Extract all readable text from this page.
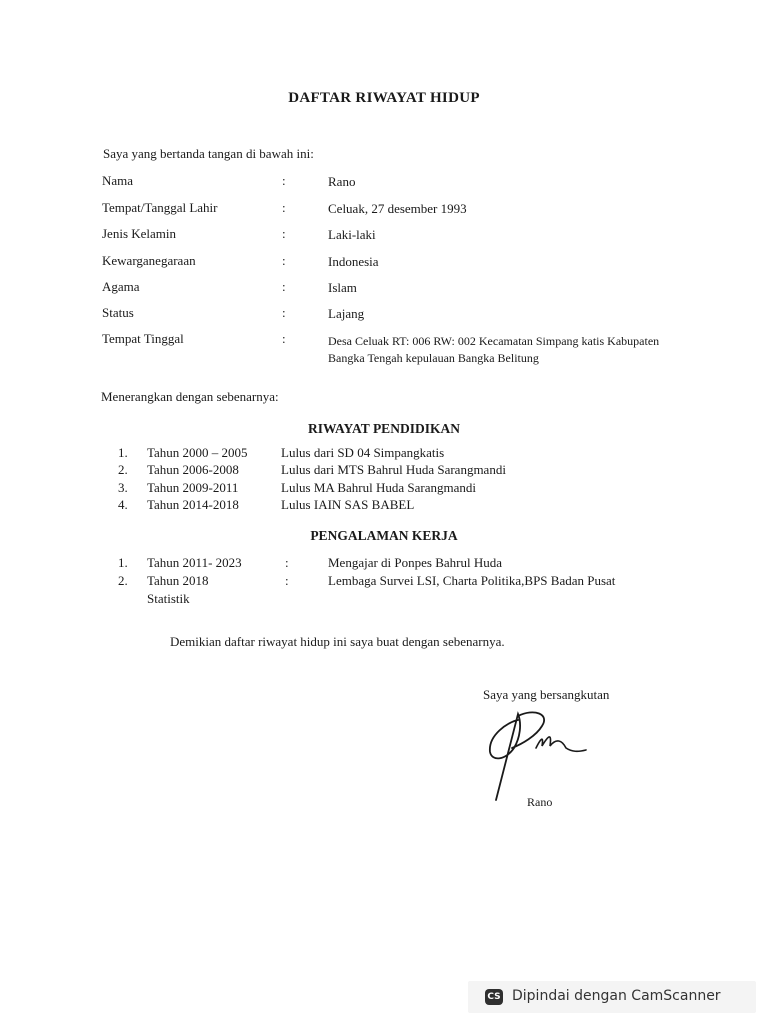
DAFTAR RIWAYAT HIDUP
Saya yang bertanda tangan di bawah ini:
Nama	:	Rano
Tempat/Tanggal Lahir	:	Celuak, 27 desember 1993
Jenis Kelamin	:	Laki-laki
Kewarganegaraan	:	Indonesia
Agama	:	Islam
Status	:	Lajang
Tempat Tinggal	:	Desa Celuak RT: 006 RW: 002 Kecamatan Simpang katis Kabupaten Bangka Tengah kepulauan Bangka Belitung
Menerangkan dengan sebenarnya:
RIWAYAT PENDIDIKAN
1. Tahun 2000 – 2005	Lulus dari SD 04 Simpangkatis
2. Tahun 2006-2008	Lulus dari MTS Bahrul Huda Sarangmandi
3. Tahun 2009-2011	Lulus MA Bahrul Huda Sarangmandi
4. Tahun 2014-2018	Lulus IAIN SAS BABEL
PENGALAMAN KERJA
1. Tahun 2011- 2023	:	Mengajar di Ponpes Bahrul Huda
2. Tahun 2018	:	Lembaga Survei LSI, Charta Politika,BPS Badan Pusat
Statistik
Demikian daftar riwayat hidup ini saya buat dengan sebenarnya.
Saya yang bersangkutan
Rano
CS Dipindai dengan CamScanner
